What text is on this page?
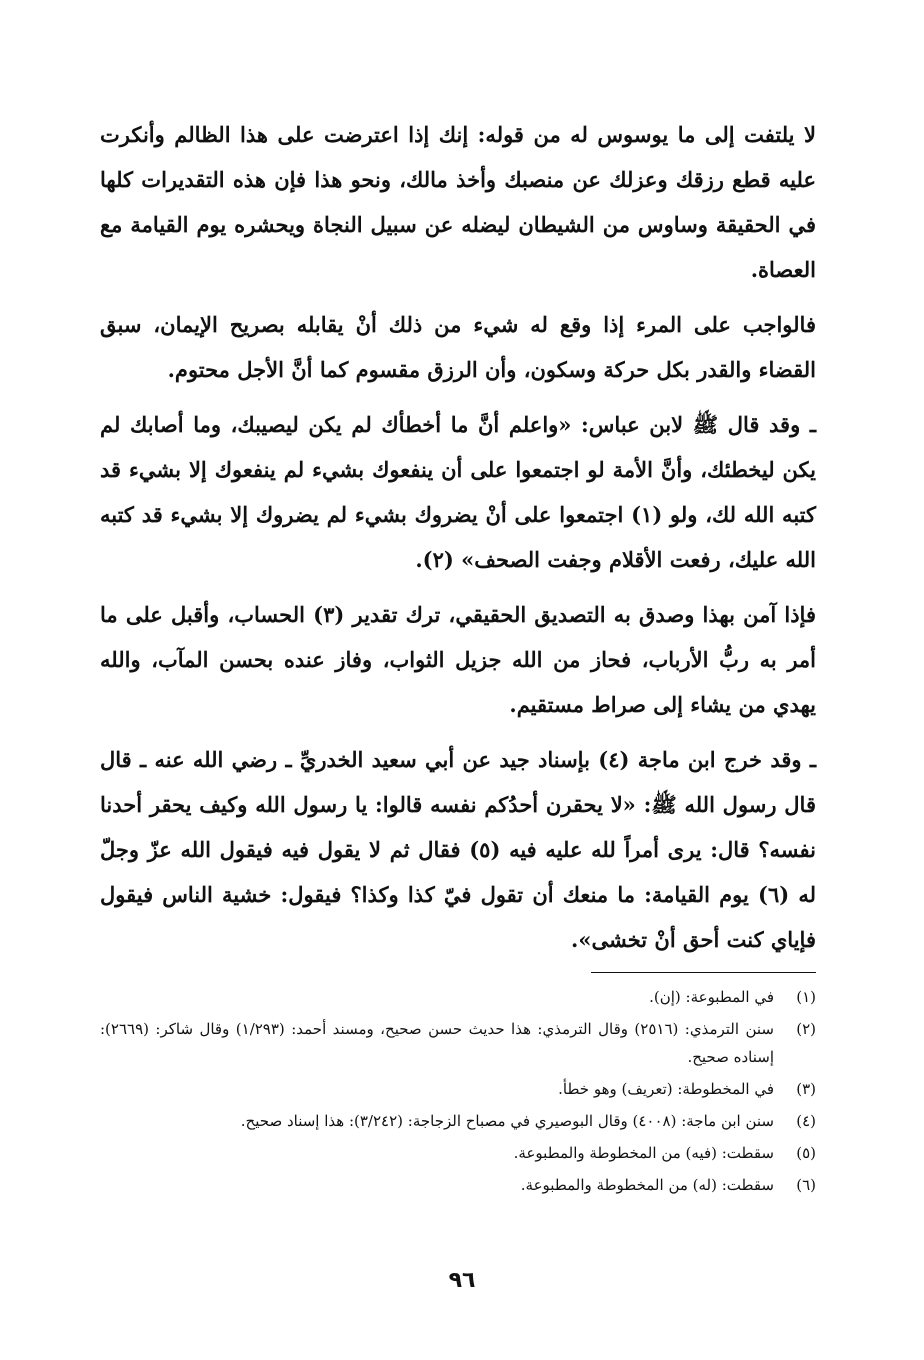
لا يلتفت إلى ما يوسوس له من قوله: إنك إذا اعترضت على هذا الظالم وأنكرت عليه قطع رزقك وعزلك عن منصبك وأخذ مالك، ونحو هذا فإن هذه التقديرات كلها في الحقيقة وساوس من الشيطان ليضله عن سبيل النجاة ويحشره يوم القيامة مع العصاة.

فالواجب على المرء إذا وقع له شيء من ذلك أنْ يقابله بصريح الإيمان، سبق القضاء والقدر بكل حركة وسكون، وأن الرزق مقسوم كما أنَّ الأجل محتوم.

ـ وقد قال ﷺ لابن عباس: «واعلم أنَّ ما أخطأك لم يكن ليصيبك، وما أصابك لم يكن ليخطئك، وأنَّ الأمة لو اجتمعوا على أن ينفعوك بشيء لم ينفعوك إلا بشيء قد كتبه الله لك، ولو (١) اجتمعوا على أنْ يضروك بشيء لم يضروك إلا بشيء قد كتبه الله عليك، رفعت الأقلام وجفت الصحف» (٢).

فإذا آمن بهذا وصدق به التصديق الحقيقي، ترك تقدير (٣) الحساب، وأقبل على ما أمر به ربُّ الأرباب، فحاز من الله جزيل الثواب، وفاز عنده بحسن المآب، والله يهدي من يشاء إلى صراط مستقيم.

ـ وقد خرج ابن ماجة (٤) بإسناد جيد عن أبي سعيد الخدريِّ ـ رضي الله عنه ـ قال قال رسول الله ﷺ: «لا يحقرن أحدُكم نفسه قالوا: يا رسول الله وكيف يحقر أحدنا نفسه؟ قال: يرى أمراً لله عليه فيه (٥) فقال ثم لا يقول فيه فيقول الله عزّ وجلّ له (٦) يوم القيامة: ما منعك أن تقول فيّ كذا وكذا؟ فيقول: خشية الناس فيقول فإياي كنت أحق أنْ تخشى».

(١)
في المطبوعة: (إن).
(٢)
سنن الترمذي: (٢٥١٦) وقال الترمذي: هذا حديث حسن صحيح، ومسند أحمد: (١/٢٩٣) وقال شاكر: (٢٦٦٩): إسناده صحيح.
(٣)
في المخطوطة: (تعريف) وهو خطأ.
(٤)
سنن ابن ماجة: (٤٠٠٨) وقال البوصيري في مصباح الزجاجة: (٣/٢٤٢): هذا إسناد صحيح.
(٥)
سقطت: (فيه) من المخطوطة والمطبوعة.
(٦)
سقطت: (له) من المخطوطة والمطبوعة.
٩٦
